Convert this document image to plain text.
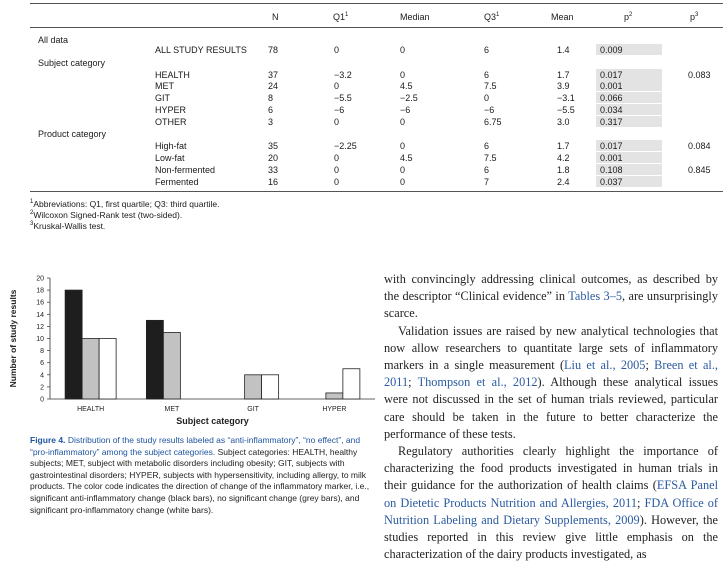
N	$Q1^1$	Median	$Q3^1$	Mean	$p^2$	$p^3$
All data
Subject category
Product category
ALL STUDY RESULTS 78	0	0	6	1.4	0.009
HEALTH	37	−3.2	0	6	1.7	0.017	0.083
MET	24	0	4.5	7.5	3.9	0.001
GIT	8	−5.5	−2.5	0	−3.1	0.066
HYPER	6	−6	−6	−6	−5.5	0.034
OTHER	3	0	0	6.75	3.0	0.317
High-fat	35	−2.25	0	6	1.7	0.017	0.084
Low-fat	20	0	4.5	7.5	4.2	0.001
Non-fermented	33	0	0	6	1.8	0.108	0.845
Fermented	16	0	0	7	2.4	0.037
$^1$Abbreviations: Q1, first quartile; Q3: third quartile.
$^2$Wilcoxon Signed-Rank test (two-sided).
$^3$Kruskal-Wallis test.
0
2
4
6
8
10
12
14
16
18
20
Number of study results
HEALTH	MET	GIT	HYPER
Subject category
Figure 4. Distribution of the study results labeled as “anti-inflammatory”, “no effect”, and “pro-inflammatory” among the subject categories. Subject categories: HEALTH, healthy subjects; MET, subject with metabolic disorders including obesity; GIT, subjects with gastrointestinal disorders; HYPER, subjects with hypersensitivity, including allergy, to milk products. The color code indicates the direction of change of the inflammatory marker, i.e., significant anti-inflammatory change (black bars), no significant change (grey bars), and significant pro-inflammatory change (white bars).

with convincingly addressing clinical outcomes, as described by the descriptor “Clinical evidence” in Tables 3–5, are unsurprisingly scarce.

Validation issues are raised by new analytical technologies that now allow researchers to quantitate large sets of inflammatory markers in a single measurement (Liu et al., 2005; Breen et al., 2011; Thompson et al., 2012). Although these analytical issues were not discussed in the set of human trials reviewed, particular care should be taken in the future to better characterize the performance of these tests.

Regulatory authorities clearly highlight the importance of characterizing the food products investigated in human trials in their guidance for the authorization of health claims (EFSA Panel on Dietetic Products Nutrition and Allergies, 2011; FDA Office of Nutrition Labeling and Dietary Supplements, 2009). However, the studies reported in this review give little emphasis on the characterization of the dairy products investigated, as
